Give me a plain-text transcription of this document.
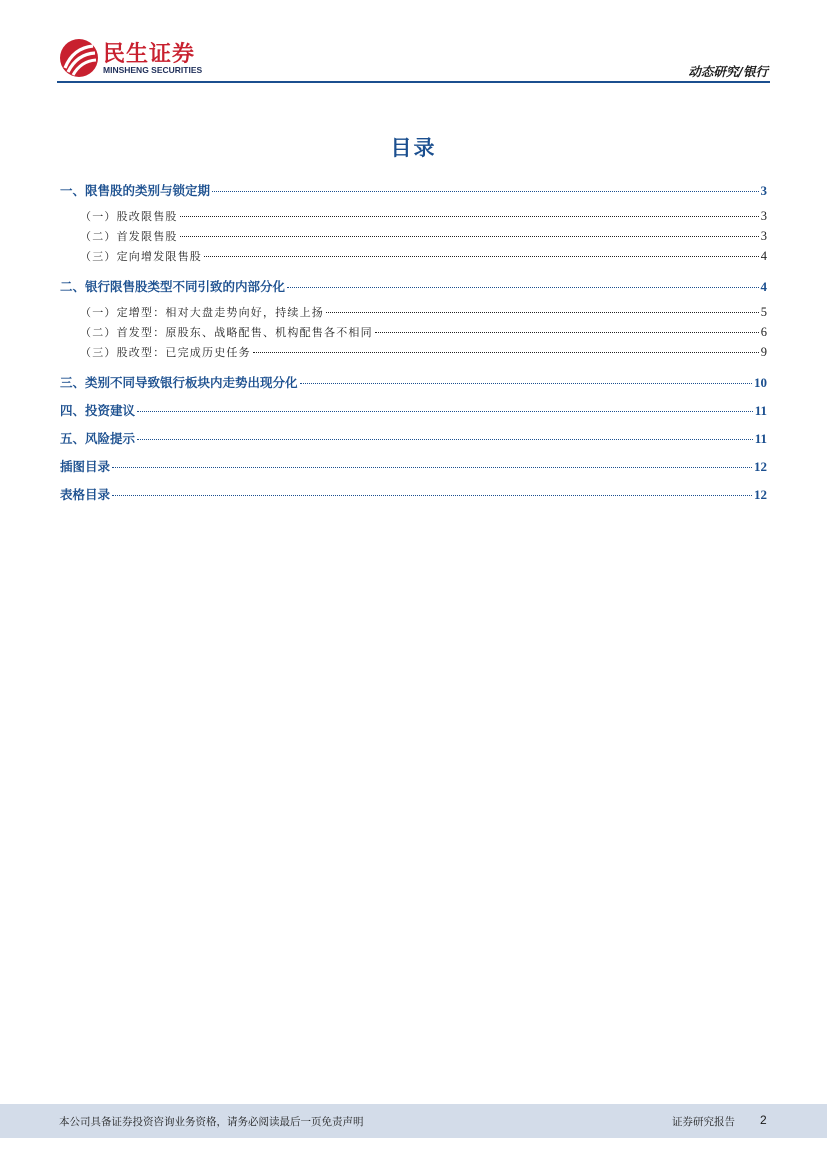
民生证券
MINSHENG SECURITIES	动态研究/银行
目录
一、限售股的类别与锁定期	3
（一）股改限售股	3
（二）首发限售股	3
（三）定向增发限售股	4
二、银行限售股类型不同引致的内部分化	4
（一）定增型：相对大盘走势向好，持续上扬	5
（二）首发型：原股东、战略配售、机构配售各不相同	6
（三）股改型：已完成历史任务	9
三、类别不同导致银行板块内走势出现分化	10
四、投资建议	11
五、风险提示	11
插图目录	12
表格目录	12
本公司具备证券投资咨询业务资格，请务必阅读最后一页免责声明	证券研究报告 2
